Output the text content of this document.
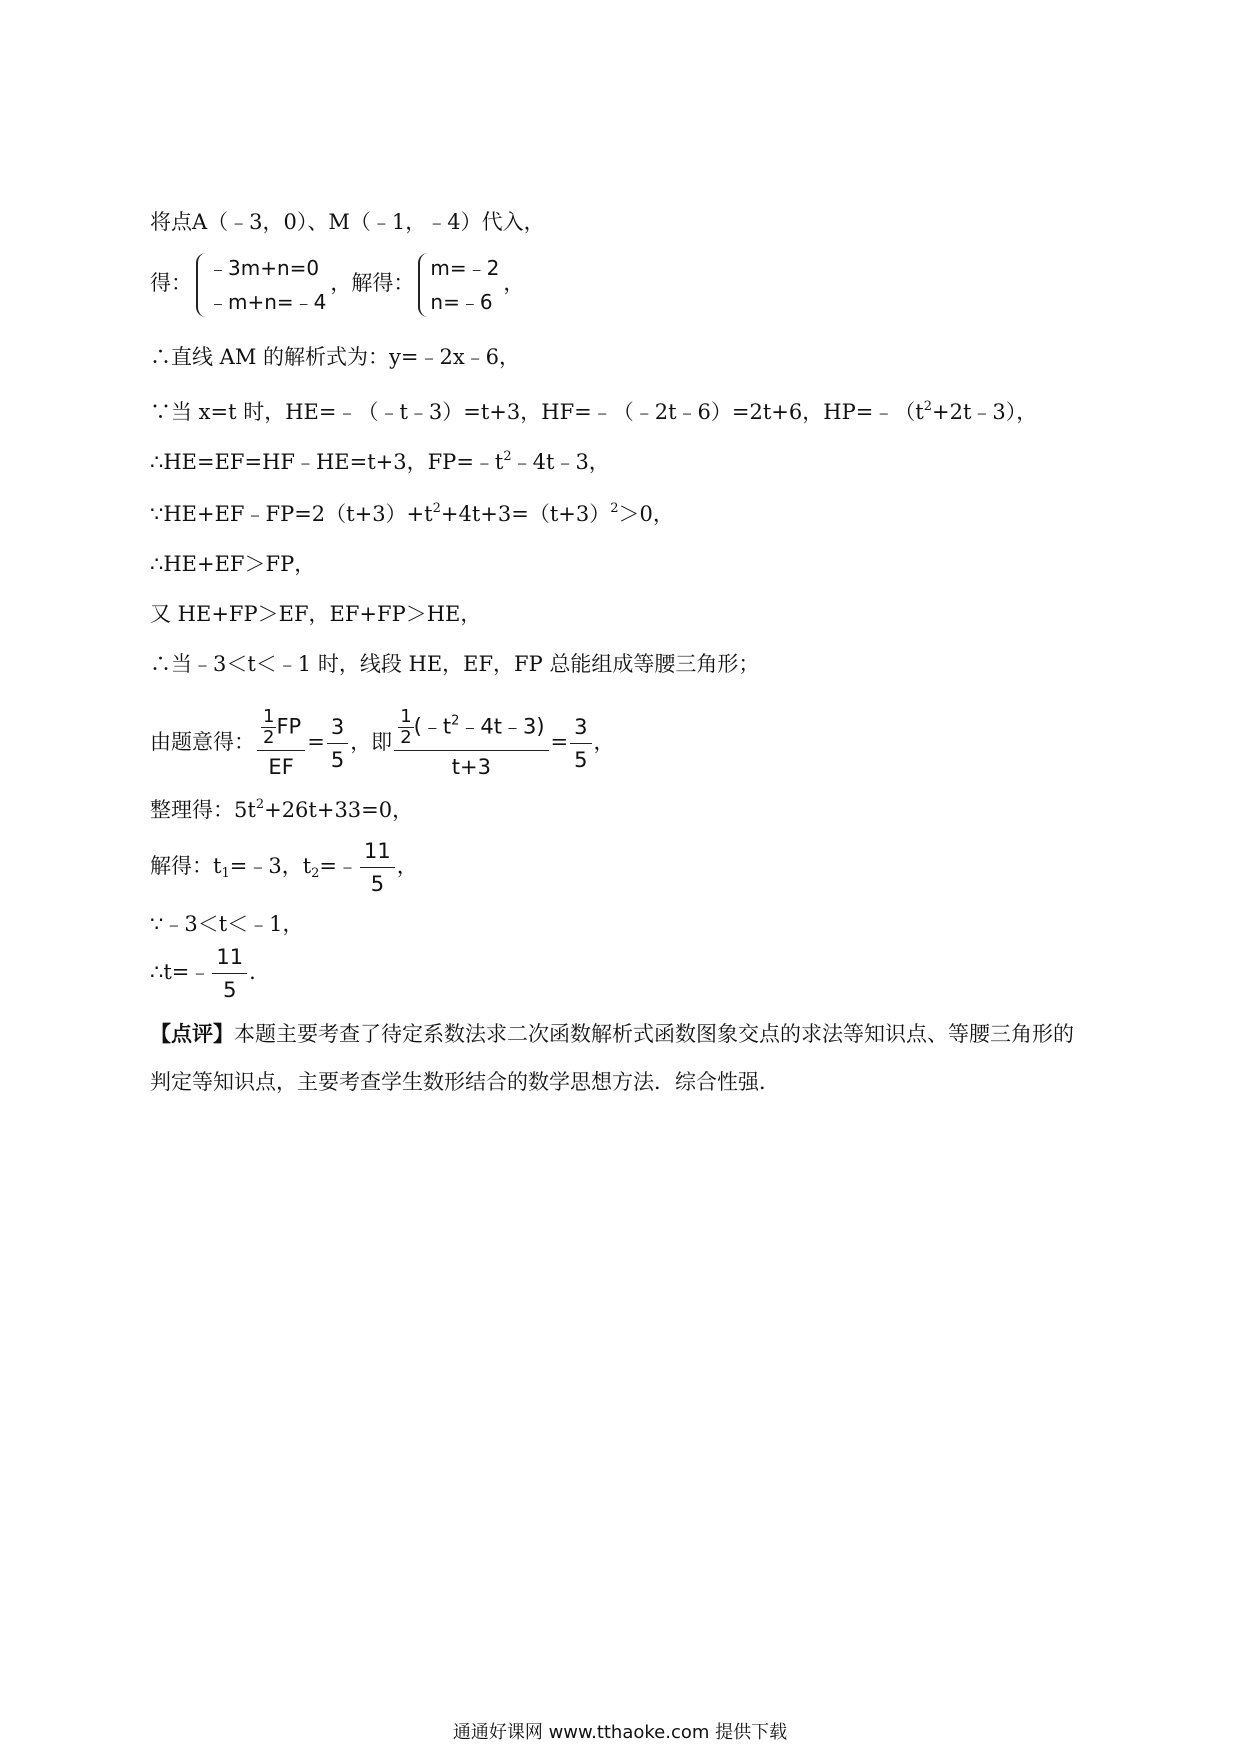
将点A（﹣3，0）、M（﹣1，﹣4）代入，
得：
﹣3m+n=0
﹣m+n=﹣4
，解得：
m=﹣2
n=﹣6
，
∴直线 AM 的解析式为：y=﹣2x﹣6，
∵当 x=t 时，HE=﹣（﹣t﹣3）=t+3，HF=﹣（﹣2t﹣6）=2t+6，$HP=﹣(t^2+2t﹣3)$，
∴HE=EF=HF﹣HE=t+3，$FP=﹣t^2﹣4t﹣3$，
$\because HE+EF﹣FP=2(t+3)+t^2+4t+3=(t+3)^2>0$，
∴HE+EF＞FP，
又 HE+FP＞EF，EF+FP＞HE，
∴当﹣3＜t＜﹣1 时，线段 HE，EF，FP 总能组成等腰三角形；
由题意得： $\frac{\frac{1}{2} FP}{EF} = \frac{3}{5}$ ，即 $\frac{\frac{1}{2} (﹣t^2﹣4t﹣3)}{t+3} = \frac{3}{5}$ ，
整理得：$5t^2+26t+33=0$，
解得：$t_1=﹣3$，$t_2=﹣ \frac{11}{5}$ ，
∵﹣3＜t＜﹣1，
∴t=﹣ $\frac{11}{5}$ .
【点评】本题主要考查了待定系数法求二次函数解析式函数图象交点的求法等知识点、等腰三角形的判定等知识点，主要考查学生数形结合的数学思想方法．综合性强．
通通好课网 www.tthaoke.com 提供下载
